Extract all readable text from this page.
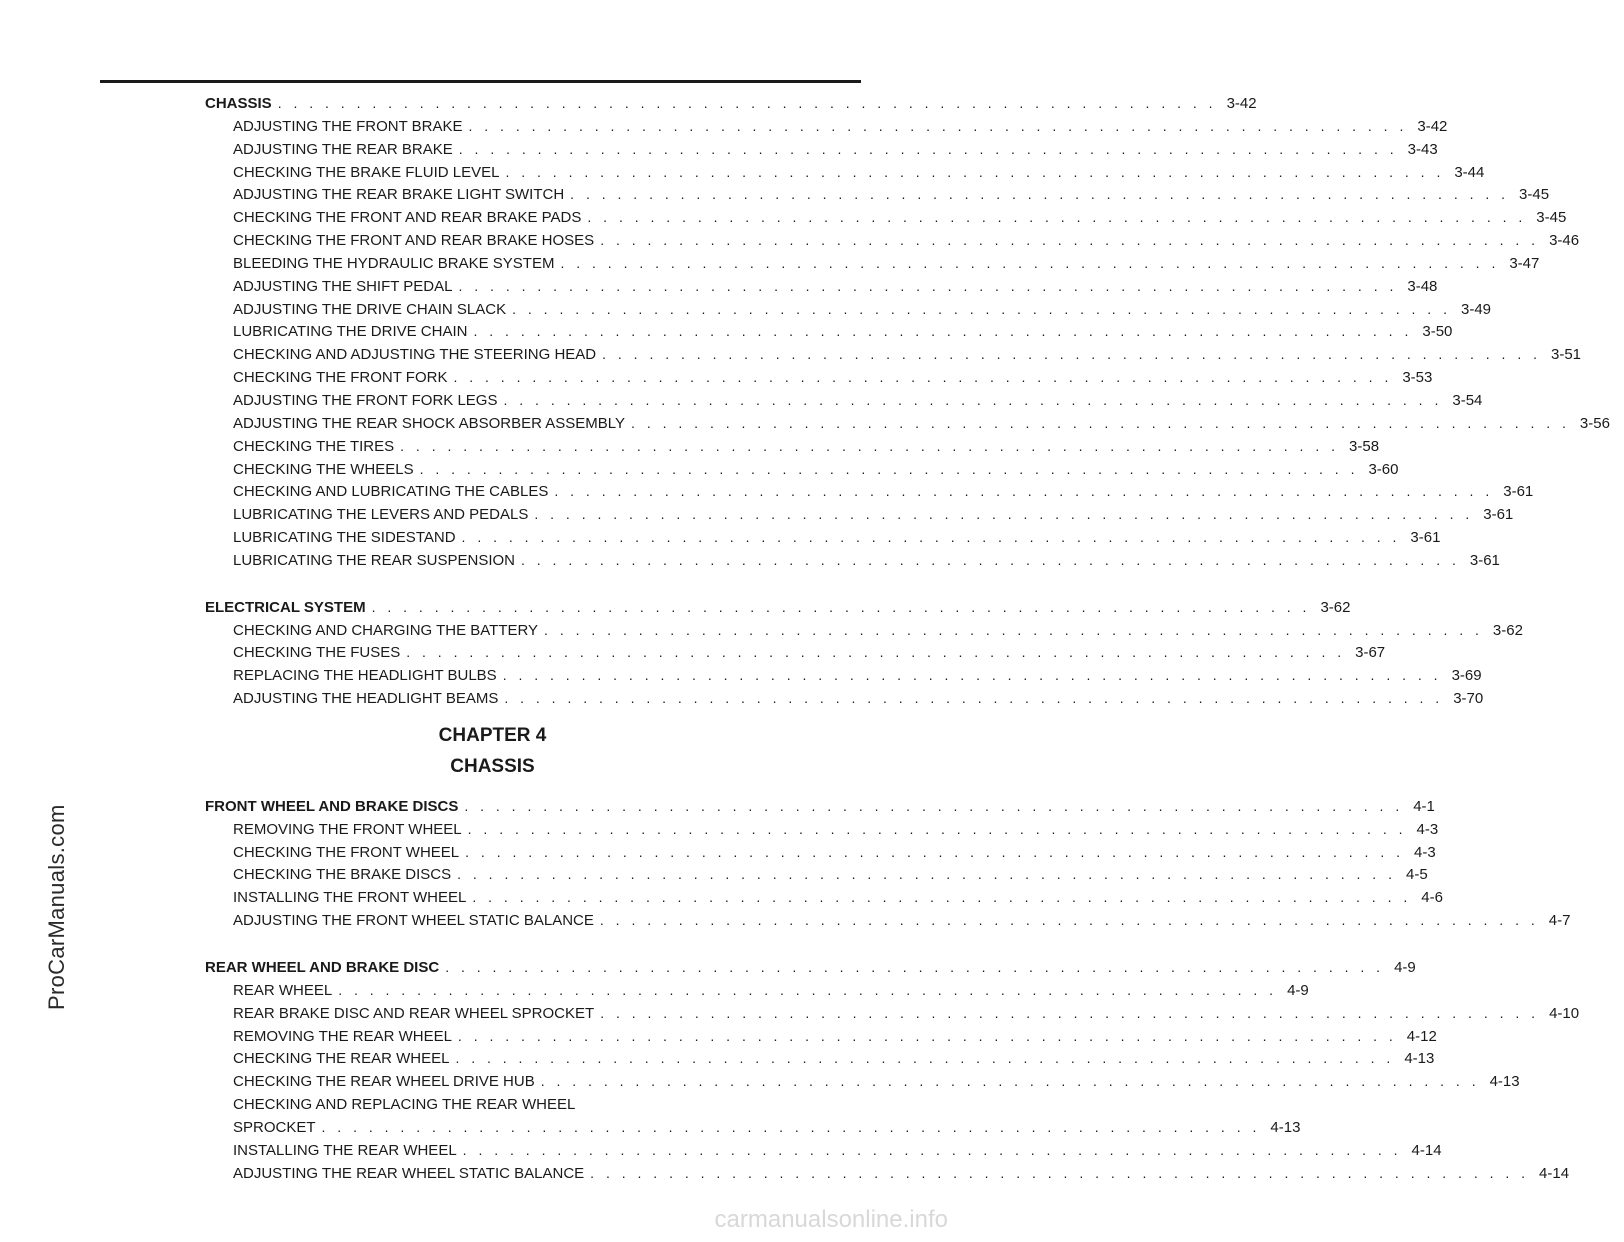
ProCarManuals.com
CHASSIS . . . . . . . . . . . . . . . . . . . . . . . . . . . . . . . . . . . . . . . . . . . . . . . . . . . . . . . . . . . . 3-42
ADJUSTING THE FRONT BRAKE . . . . . . . . . . . . . . . . . . . . . . . . . . . . . . . . . . . . . . . . . . . . . . . . . . . . . . . . . . . . 3-42
ADJUSTING THE REAR BRAKE . . . . . . . . . . . . . . . . . . . . . . . . . . . . . . . . . . . . . . . . . . . . . . . . . . . . . . . . . . . . 3-43
CHECKING THE BRAKE FLUID LEVEL . . . . . . . . . . . . . . . . . . . . . . . . . . . . . . . . . . . . . . . . . . . . . . . . . . . . . . . . . . . . 3-44
ADJUSTING THE REAR BRAKE LIGHT SWITCH . . . . . . . . . . . . . . . . . . . . . . . . . . . . . . . . . . . . . . . . . . . . . . . . . . . . . . . . . . . . 3-45
CHECKING THE FRONT AND REAR BRAKE PADS . . . . . . . . . . . . . . . . . . . . . . . . . . . . . . . . . . . . . . . . . . . . . . . . . . . . . . . . . . . . 3-45
CHECKING THE FRONT AND REAR BRAKE HOSES . . . . . . . . . . . . . . . . . . . . . . . . . . . . . . . . . . . . . . . . . . . . . . . . . . . . . . . . . . . . 3-46
BLEEDING THE HYDRAULIC BRAKE SYSTEM . . . . . . . . . . . . . . . . . . . . . . . . . . . . . . . . . . . . . . . . . . . . . . . . . . . . . . . . . . . . 3-47
ADJUSTING THE SHIFT PEDAL . . . . . . . . . . . . . . . . . . . . . . . . . . . . . . . . . . . . . . . . . . . . . . . . . . . . . . . . . . . . 3-48
ADJUSTING THE DRIVE CHAIN SLACK . . . . . . . . . . . . . . . . . . . . . . . . . . . . . . . . . . . . . . . . . . . . . . . . . . . . . . . . . . . . 3-49
LUBRICATING THE DRIVE CHAIN . . . . . . . . . . . . . . . . . . . . . . . . . . . . . . . . . . . . . . . . . . . . . . . . . . . . . . . . . . . . 3-50
CHECKING AND ADJUSTING THE STEERING HEAD . . . . . . . . . . . . . . . . . . . . . . . . . . . . . . . . . . . . . . . . . . . . . . . . . . . . . . . . . . . . 3-51
CHECKING THE FRONT FORK . . . . . . . . . . . . . . . . . . . . . . . . . . . . . . . . . . . . . . . . . . . . . . . . . . . . . . . . . . . . 3-53
ADJUSTING THE FRONT FORK LEGS . . . . . . . . . . . . . . . . . . . . . . . . . . . . . . . . . . . . . . . . . . . . . . . . . . . . . . . . . . . . 3-54
ADJUSTING THE REAR SHOCK ABSORBER ASSEMBLY . . . . . . . . . . . . . . . . . . . . . . . . . . . . . . . . . . . . . . . . . . . . . . . . . . . . . . . . . . . . 3-56
CHECKING THE TIRES . . . . . . . . . . . . . . . . . . . . . . . . . . . . . . . . . . . . . . . . . . . . . . . . . . . . . . . . . . . . 3-58
CHECKING THE WHEELS . . . . . . . . . . . . . . . . . . . . . . . . . . . . . . . . . . . . . . . . . . . . . . . . . . . . . . . . . . . . 3-60
CHECKING AND LUBRICATING THE CABLES . . . . . . . . . . . . . . . . . . . . . . . . . . . . . . . . . . . . . . . . . . . . . . . . . . . . . . . . . . . . 3-61
LUBRICATING THE LEVERS AND PEDALS . . . . . . . . . . . . . . . . . . . . . . . . . . . . . . . . . . . . . . . . . . . . . . . . . . . . . . . . . . . . 3-61
LUBRICATING THE SIDESTAND . . . . . . . . . . . . . . . . . . . . . . . . . . . . . . . . . . . . . . . . . . . . . . . . . . . . . . . . . . . . 3-61
LUBRICATING THE REAR SUSPENSION . . . . . . . . . . . . . . . . . . . . . . . . . . . . . . . . . . . . . . . . . . . . . . . . . . . . . . . . . . . . 3-61
ELECTRICAL SYSTEM . . . . . . . . . . . . . . . . . . . . . . . . . . . . . . . . . . . . . . . . . . . . . . . . . . . . . . . . . . . . 3-62
CHECKING AND CHARGING THE BATTERY . . . . . . . . . . . . . . . . . . . . . . . . . . . . . . . . . . . . . . . . . . . . . . . . . . . . . . . . . . . . 3-62
CHECKING THE FUSES . . . . . . . . . . . . . . . . . . . . . . . . . . . . . . . . . . . . . . . . . . . . . . . . . . . . . . . . . . . . 3-67
REPLACING THE HEADLIGHT BULBS . . . . . . . . . . . . . . . . . . . . . . . . . . . . . . . . . . . . . . . . . . . . . . . . . . . . . . . . . . . . 3-69
ADJUSTING THE HEADLIGHT BEAMS . . . . . . . . . . . . . . . . . . . . . . . . . . . . . . . . . . . . . . . . . . . . . . . . . . . . . . . . . . . . 3-70
CHAPTER 4
CHASSIS
FRONT WHEEL AND BRAKE DISCS . . . . . . . . . . . . . . . . . . . . . . . . . . . . . . . . . . . . . . . . . . . . . . . . . . . . . . . . . . . . 4-1
REMOVING THE FRONT WHEEL . . . . . . . . . . . . . . . . . . . . . . . . . . . . . . . . . . . . . . . . . . . . . . . . . . . . . . . . . . . . 4-3
CHECKING THE FRONT WHEEL . . . . . . . . . . . . . . . . . . . . . . . . . . . . . . . . . . . . . . . . . . . . . . . . . . . . . . . . . . . . 4-3
CHECKING THE BRAKE DISCS . . . . . . . . . . . . . . . . . . . . . . . . . . . . . . . . . . . . . . . . . . . . . . . . . . . . . . . . . . . . 4-5
INSTALLING THE FRONT WHEEL . . . . . . . . . . . . . . . . . . . . . . . . . . . . . . . . . . . . . . . . . . . . . . . . . . . . . . . . . . . . 4-6
ADJUSTING THE FRONT WHEEL STATIC BALANCE . . . . . . . . . . . . . . . . . . . . . . . . . . . . . . . . . . . . . . . . . . . . . . . . . . . . . . . . . . . . 4-7
REAR WHEEL AND BRAKE DISC . . . . . . . . . . . . . . . . . . . . . . . . . . . . . . . . . . . . . . . . . . . . . . . . . . . . . . . . . . . . 4-9
REAR WHEEL . . . . . . . . . . . . . . . . . . . . . . . . . . . . . . . . . . . . . . . . . . . . . . . . . . . . . . . . . . . . 4-9
REAR BRAKE DISC AND REAR WHEEL SPROCKET . . . . . . . . . . . . . . . . . . . . . . . . . . . . . . . . . . . . . . . . . . . . . . . . . . . . . . . . . . . . 4-10
REMOVING THE REAR WHEEL . . . . . . . . . . . . . . . . . . . . . . . . . . . . . . . . . . . . . . . . . . . . . . . . . . . . . . . . . . . . 4-12
CHECKING THE REAR WHEEL . . . . . . . . . . . . . . . . . . . . . . . . . . . . . . . . . . . . . . . . . . . . . . . . . . . . . . . . . . . . 4-13
CHECKING THE REAR WHEEL DRIVE HUB . . . . . . . . . . . . . . . . . . . . . . . . . . . . . . . . . . . . . . . . . . . . . . . . . . . . . . . . . . . . 4-13
CHECKING AND REPLACING THE REAR WHEEL
SPROCKET . . . . . . . . . . . . . . . . . . . . . . . . . . . . . . . . . . . . . . . . . . . . . . . . . . . . . . . . . . . . 4-13
INSTALLING THE REAR WHEEL . . . . . . . . . . . . . . . . . . . . . . . . . . . . . . . . . . . . . . . . . . . . . . . . . . . . . . . . . . . . 4-14
ADJUSTING THE REAR WHEEL STATIC BALANCE . . . . . . . . . . . . . . . . . . . . . . . . . . . . . . . . . . . . . . . . . . . . . . . . . . . . . . . . . . . . 4-14
carmanualsonline.info
